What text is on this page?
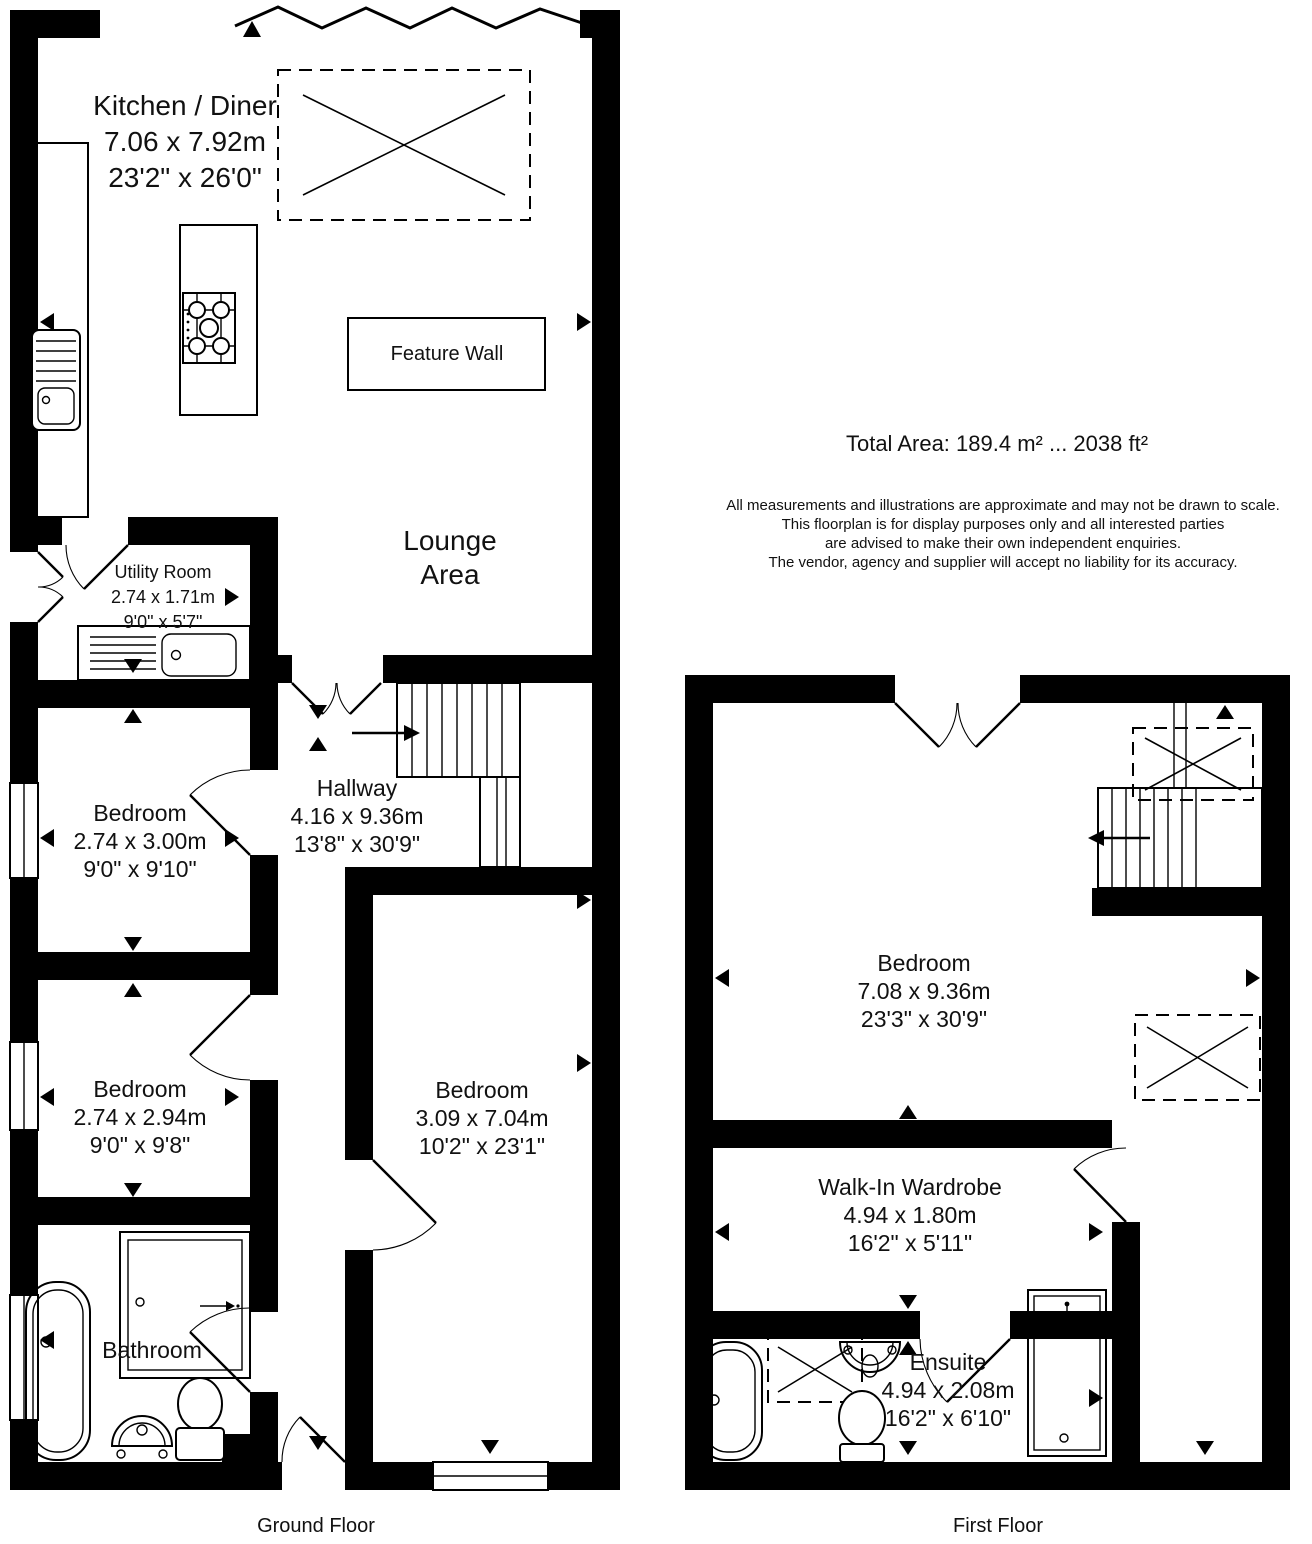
Kitchen / Diner
7.06 x 7.92m
23'2" x 26'0"
Feature Wall
Lounge Area
Utility Room
2.74 x 1.71m
9'0" x 5'7"
Hallway
4.16 x 9.36m
13'8" x 30'9"
Bedroom
2.74 x 3.00m
9'0" x 9'10"
Bedroom
2.74 x 2.94m
9'0" x 9'8"
Bedroom
3.09 x 7.04m
10'2" x 23'1"
Bathroom
Bedroom
7.08 x 9.36m
23'3" x 30'9"
Walk-In Wardrobe
4.94 x 1.80m
16'2" x 5'11"
Ensuite
4.94 x 2.08m
16'2" x 6'10"
Total Area: 189.4 m² ... 2038 ft²
All measurements and illustrations are approximate and may not be drawn to scale.
This floorplan is for display purposes only and all interested parties
are advised to make their own independent enquiries.
The vendor, agency and supplier will accept no liability for its accuracy.
Ground Floor	First Floor
